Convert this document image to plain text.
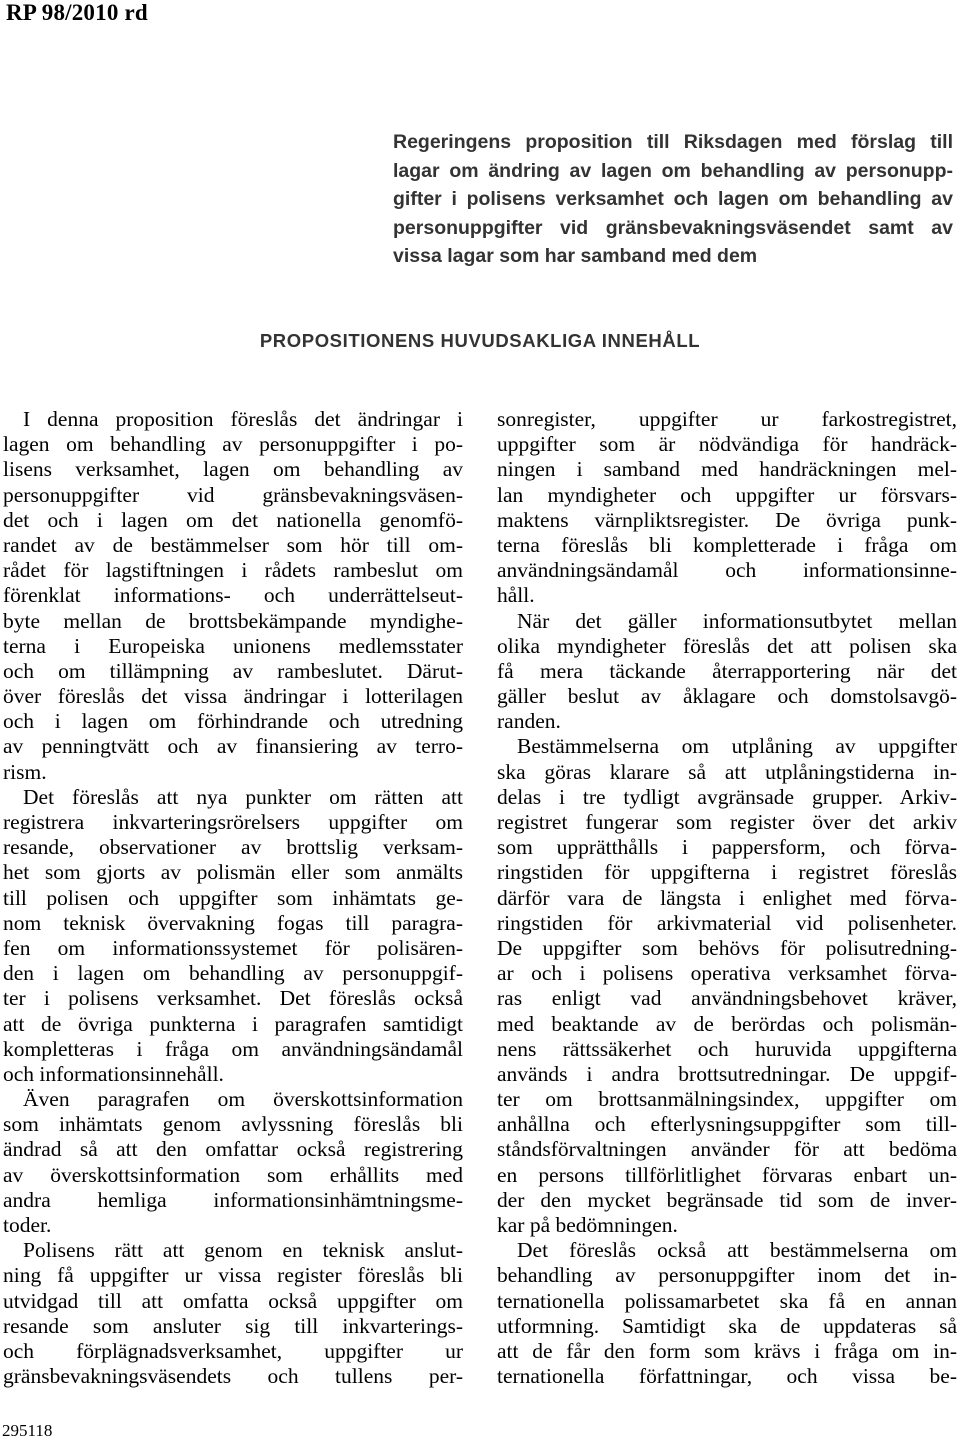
RP 98/2010 rd
Regeringens proposition till Riksdagen med förslag till
lagar om ändring av lagen om behandling av personupp-
gifter i polisens verksamhet och lagen om behandling av
personuppgifter vid gränsbevakningsväsendet samt av
vissa lagar som har samband med dem
PROPOSITIONENS HUVUDSAKLIGA INNEHÅLL
I denna proposition föreslås det ändringar i
lagen om behandling av personuppgifter i po-
lisens verksamhet, lagen om behandling av
personuppgifter vid gränsbevakningsväsen-
det och i lagen om det nationella genomfö-
randet av de bestämmelser som hör till om-
rådet för lagstiftningen i rådets rambeslut om
förenklat informations- och underrättelseut-
byte mellan de brottsbekämpande myndighe-
terna i Europeiska unionens medlemsstater
och om tillämpning av rambeslutet. Därut-
över föreslås det vissa ändringar i lotterilagen
och i lagen om förhindrande och utredning
av penningtvätt och av finansiering av terro-
rism.
Det föreslås att nya punkter om rätten att
registrera inkvarteringsrörelsers uppgifter om
resande, observationer av brottslig verksam-
het som gjorts av polismän eller som anmälts
till polisen och uppgifter som inhämtats ge-
nom teknisk övervakning fogas till paragra-
fen om informationssystemet för polisären-
den i lagen om behandling av personuppgif-
ter i polisens verksamhet. Det föreslås också
att de övriga punkterna i paragrafen samtidigt
kompletteras i fråga om användningsändamål
och informationsinnehåll.
Även paragrafen om överskottsinformation
som inhämtats genom avlyssning föreslås bli
ändrad så att den omfattar också registrering
av överskottsinformation som erhållits med
andra hemliga informationsinhämtningsme-
toder.
Polisens rätt att genom en teknisk anslut-
ning få uppgifter ur vissa register föreslås bli
utvidgad till att omfatta också uppgifter om
resande som ansluter sig till inkvarterings-
och förplägnadsverksamhet, uppgifter ur
gränsbevakningsväsendets och tullens per-
sonregister, uppgifter ur farkostregistret,
uppgifter som är nödvändiga för handräck-
ningen i samband med handräckningen mel-
lan myndigheter och uppgifter ur försvars-
maktens värnpliktsregister. De övriga punk-
terna föreslås bli kompletterade i fråga om
användningsändamål och informationsinne-
håll.
När det gäller informationsutbytet mellan
olika myndigheter föreslås det att polisen ska
få mera täckande återrapportering när det
gäller beslut av åklagare och domstolsavgö-
randen.
Bestämmelserna om utplåning av uppgifter
ska göras klarare så att utplåningstiderna in-
delas i tre tydligt avgränsade grupper. Arkiv-
registret fungerar som register över det arkiv
som upprätthålls i pappersform, och förva-
ringstiden för uppgifterna i registret föreslås
därför vara de längsta i enlighet med förva-
ringstiden för arkivmaterial vid polisenheter.
De uppgifter som behövs för polisutredning-
ar och i polisens operativa verksamhet förva-
ras enligt vad användningsbehovet kräver,
med beaktande av de berördas och polismän-
nens rättssäkerhet och huruvida uppgifterna
används i andra brottsutredningar. De uppgif-
ter om brottsanmälningsindex, uppgifter om
anhållna och efterlysningsuppgifter som till-
ståndsförvaltningen använder för att bedöma
en persons tillförlitlighet förvaras enbart un-
der den mycket begränsade tid som de inver-
kar på bedömningen.
Det föreslås också att bestämmelserna om
behandling av personuppgifter inom det in-
ternationella polissamarbetet ska få en annan
utformning. Samtidigt ska de uppdateras så
att de får den form som krävs i fråga om in-
ternationella författningar, och vissa be-
295118
